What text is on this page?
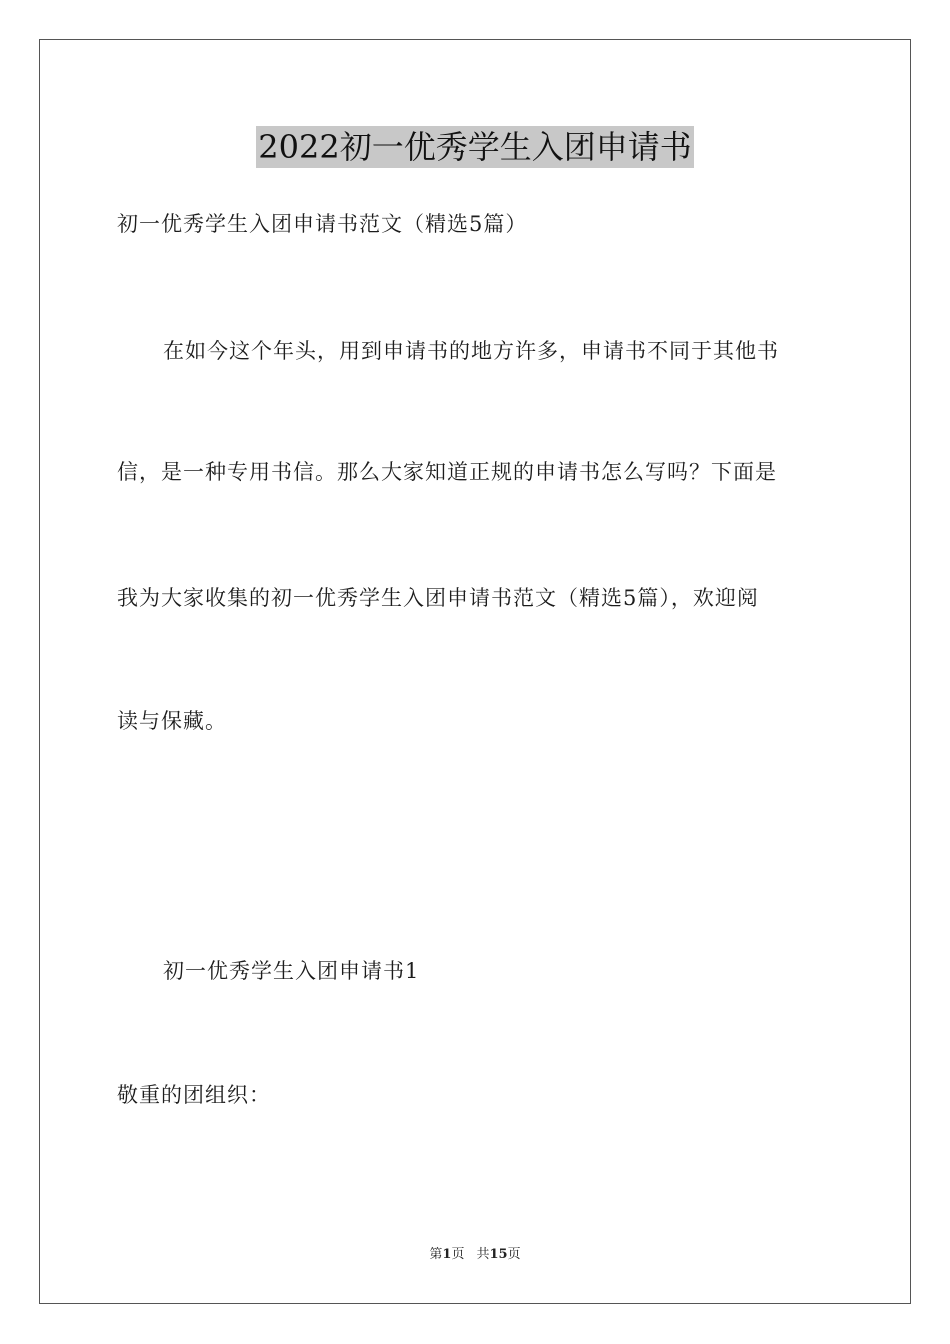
2022初一优秀学生入团申请书
初一优秀学生入团申请书范文（精选5篇）
在如今这个年头，用到申请书的地方许多，申请书不同于其他书
信，是一种专用书信。那么大家知道正规的申请书怎么写吗？下面是
我为大家收集的初一优秀学生入团申请书范文（精选5篇），欢迎阅
读与保藏。
初一优秀学生入团申请书1
敬重的团组织：
第1页 共15页
